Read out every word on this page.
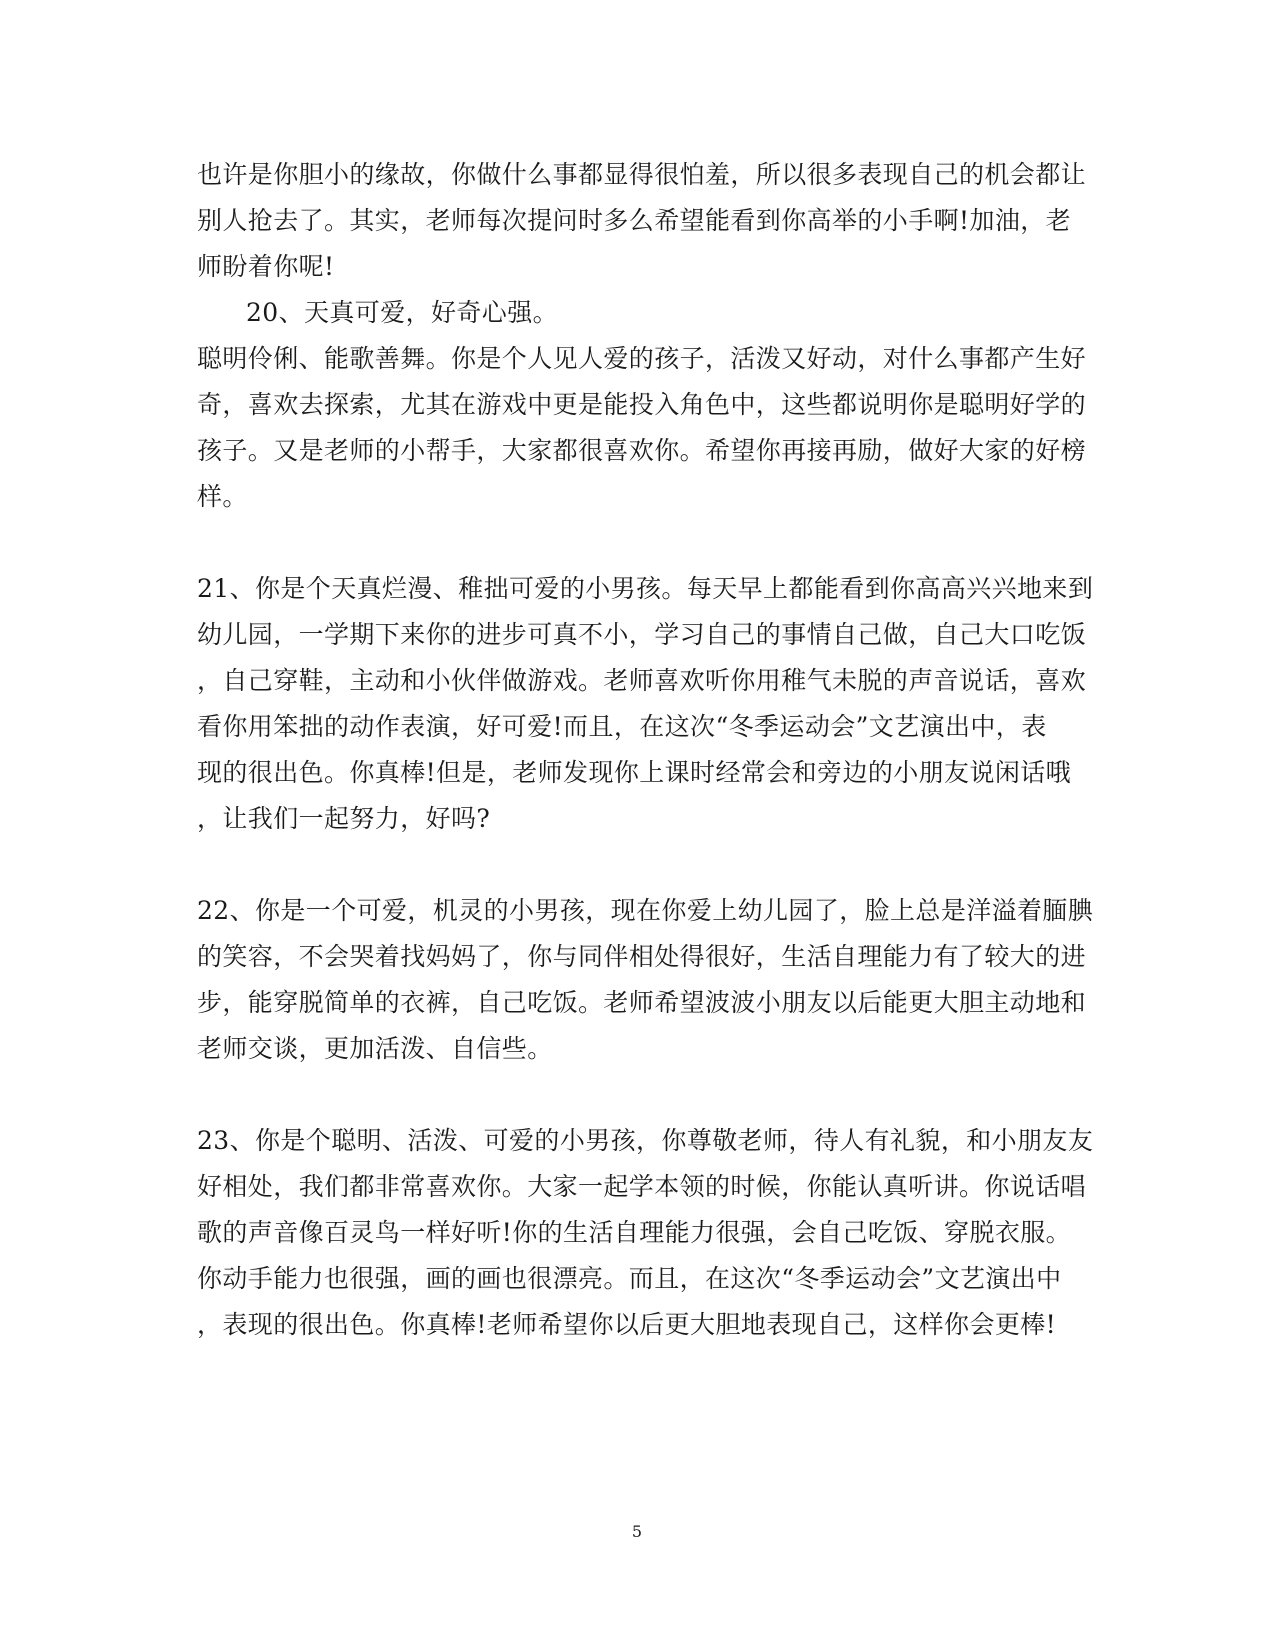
也许是你胆小的缘故，你做什么事都显得很怕羞，所以很多表现自己的机会都让
别人抢去了。其实，老师每次提问时多么希望能看到你高举的小手啊!加油，老
师盼着你呢!
20、天真可爱，好奇心强。
聪明伶俐、能歌善舞。你是个人见人爱的孩子，活泼又好动，对什么事都产生好
奇，喜欢去探索，尤其在游戏中更是能投入角色中，这些都说明你是聪明好学的
孩子。又是老师的小帮手，大家都很喜欢你。希望你再接再励，做好大家的好榜
样。
21、你是个天真烂漫、稚拙可爱的小男孩。每天早上都能看到你高高兴兴地来到
幼儿园，一学期下来你的进步可真不小，学习自己的事情自己做，自己大口吃饭
，自己穿鞋，主动和小伙伴做游戏。老师喜欢听你用稚气未脱的声音说话，喜欢
看你用笨拙的动作表演，好可爱!而且，在这次“冬季运动会”文艺演出中，表
现的很出色。你真棒!但是，老师发现你上课时经常会和旁边的小朋友说闲话哦
，让我们一起努力，好吗?
22、你是一个可爱，机灵的小男孩，现在你爱上幼儿园了，脸上总是洋溢着腼腆
的笑容，不会哭着找妈妈了，你与同伴相处得很好，生活自理能力有了较大的进
步，能穿脱简单的衣裤，自己吃饭。老师希望波波小朋友以后能更大胆主动地和
老师交谈，更加活泼、自信些。
23、你是个聪明、活泼、可爱的小男孩，你尊敬老师，待人有礼貌，和小朋友友
好相处，我们都非常喜欢你。大家一起学本领的时候，你能认真听讲。你说话唱
歌的声音像百灵鸟一样好听!你的生活自理能力很强，会自己吃饭、穿脱衣服。
你动手能力也很强，画的画也很漂亮。而且，在这次“冬季运动会”文艺演出中
，表现的很出色。你真棒!老师希望你以后更大胆地表现自己，这样你会更棒!
5
